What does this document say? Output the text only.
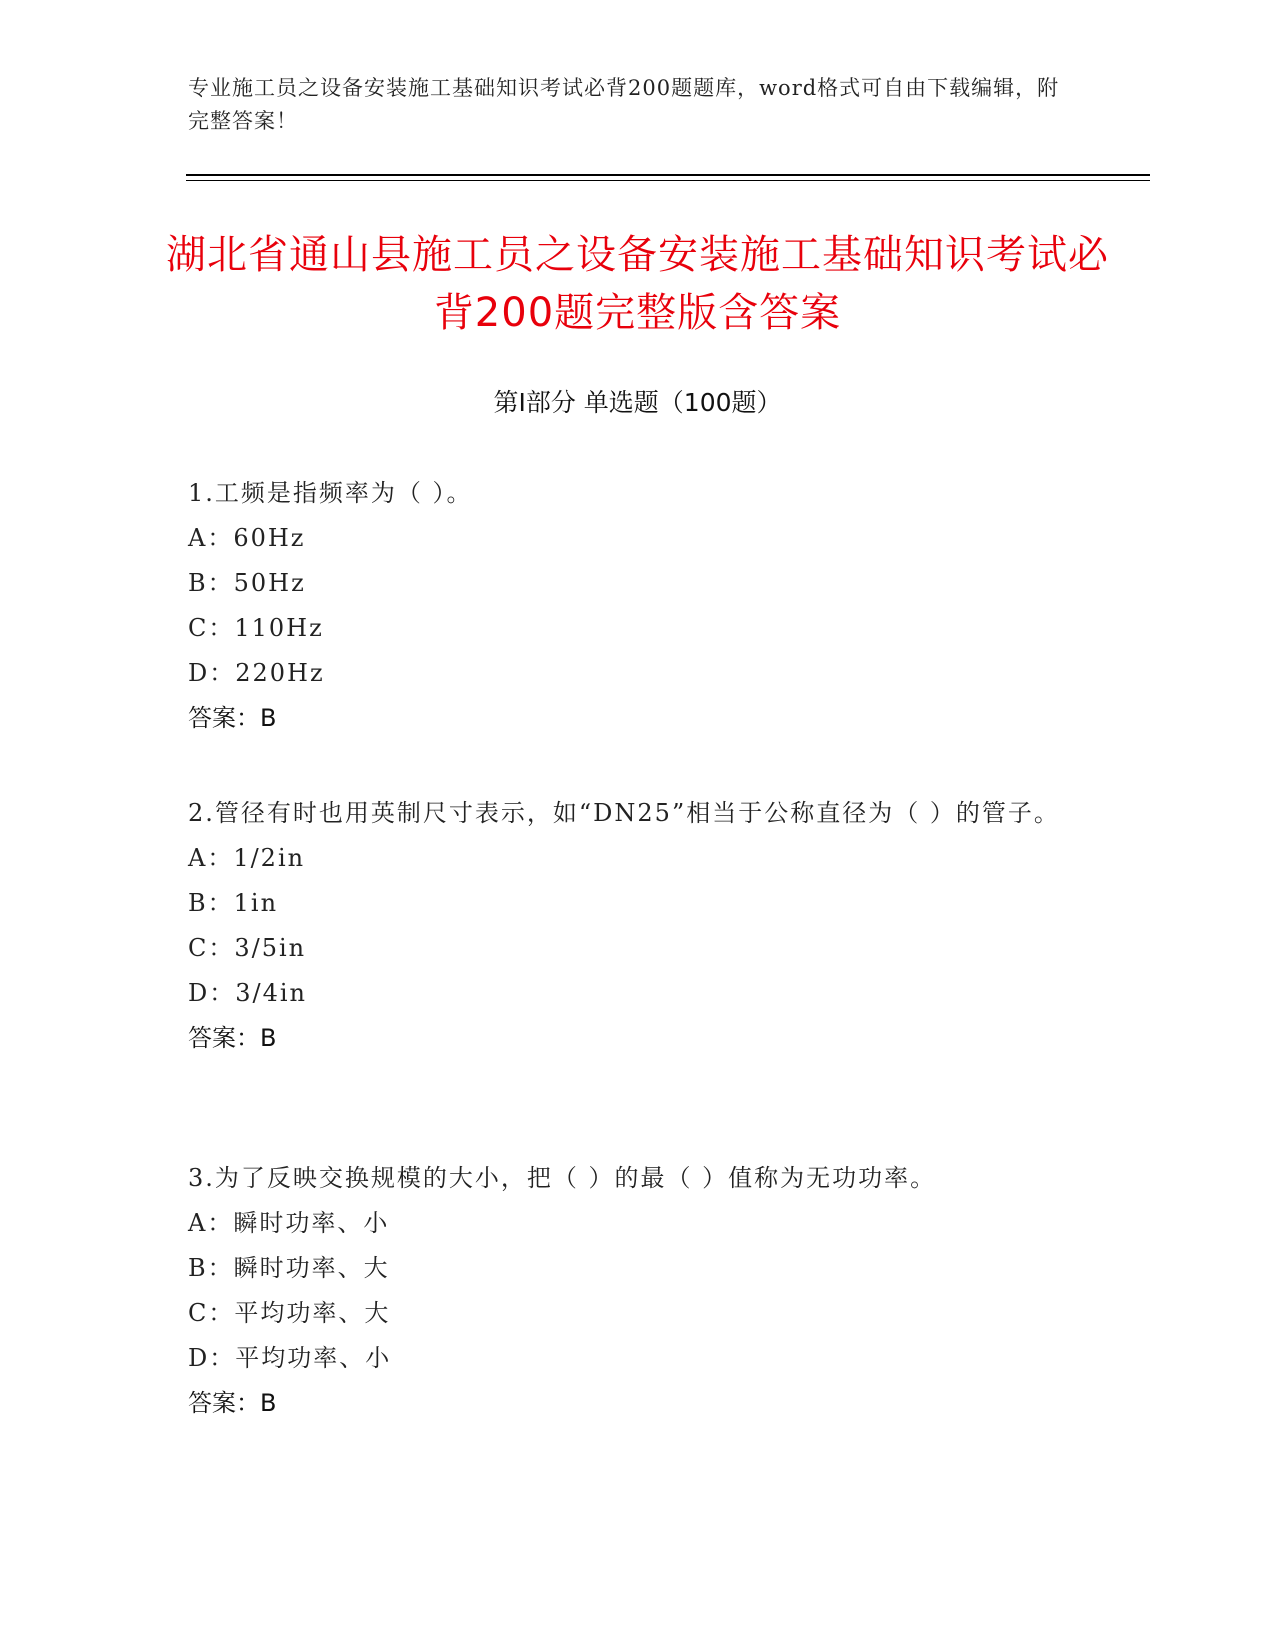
专业施工员之设备安装施工基础知识考试必背200题题库，word格式可自由下载编辑，附完整答案！
湖北省通山县施工员之设备安装施工基础知识考试必背200题完整版含答案
第Ⅰ部分 单选题（100题）

1.工频是指频率为（ ）。

A：60Hz

B：50Hz

C：110Hz

D：220Hz

答案：B

2.管径有时也用英制尺寸表示，如“DN25”相当于公称直径为（ ）的管子。

A：1/2in

B：1in

C：3/5in

D：3/4in

答案：B

3.为了反映交换规模的大小，把（ ）的最（ ）值称为无功功率。

A：瞬时功率、小

B：瞬时功率、大

C：平均功率、大

D：平均功率、小

答案：B
